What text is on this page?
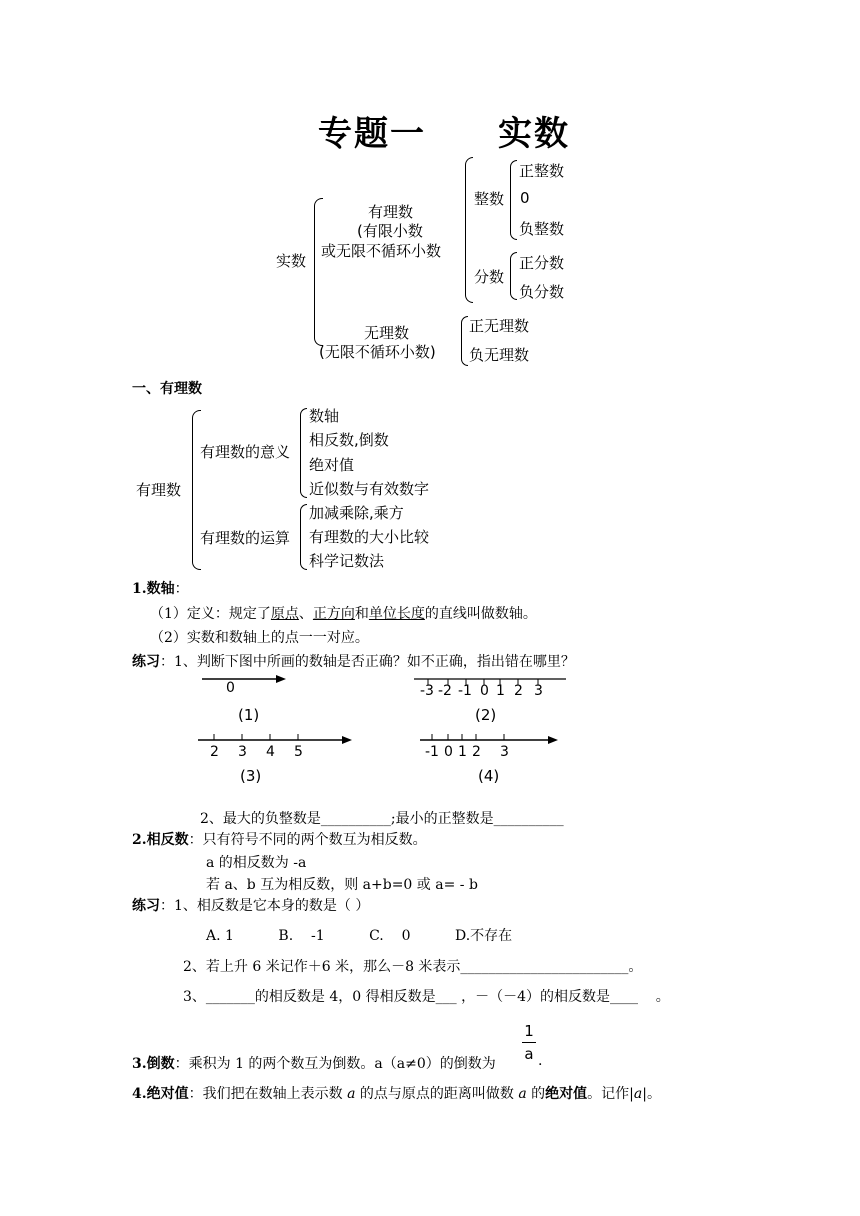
专题一　　实数
实数
有理数
(有限小数
或无限不循环小数
整数
正整数
0
负整数
分数
正分数
负分数
无理数
(无限不循环小数)
正无理数
负无理数
一、有理数
有理数
有理数的意义
数轴
相反数,倒数
绝对值
近似数与有效数字
有理数的运算
加减乘除,乘方
有理数的大小比较
科学记数法
1.数轴：
（1）定义：规定了原点、正方向和单位长度的直线叫做数轴。
（2）实数和数轴上的点一一对应。
练习：1、判断下图中所画的数轴是否正确？如不正确，指出错在哪里？
0
(1)
-3 -2 -1 0 1 2 3
(2)
2 3 4 5
(3)
-1 0 1 2 3
(4)
2、最大的负整数是__________;最小的正整数是__________
2.相反数：只有符号不同的两个数互为相反数。
a 的相反数为 -a
若 a、b 互为相反数，则 a+b=0 或 a= - b
练习：1、相反数是它本身的数是（ ）
A. 1          B.    -1          C.    0          D.不存在
2、若上升 6 米记作＋6 米，那么－8 米表示________________________。
3、_______的相反数是 4，0 得相反数是___ ，－（－4）的相反数是____    。
3.倒数：乘积为 1 的两个数互为倒数。a（a≠0）的倒数为
1
a .
4.绝对值：我们把在数轴上表示数 a 的点与原点的距离叫做数 a 的绝对值。记作|a|。
